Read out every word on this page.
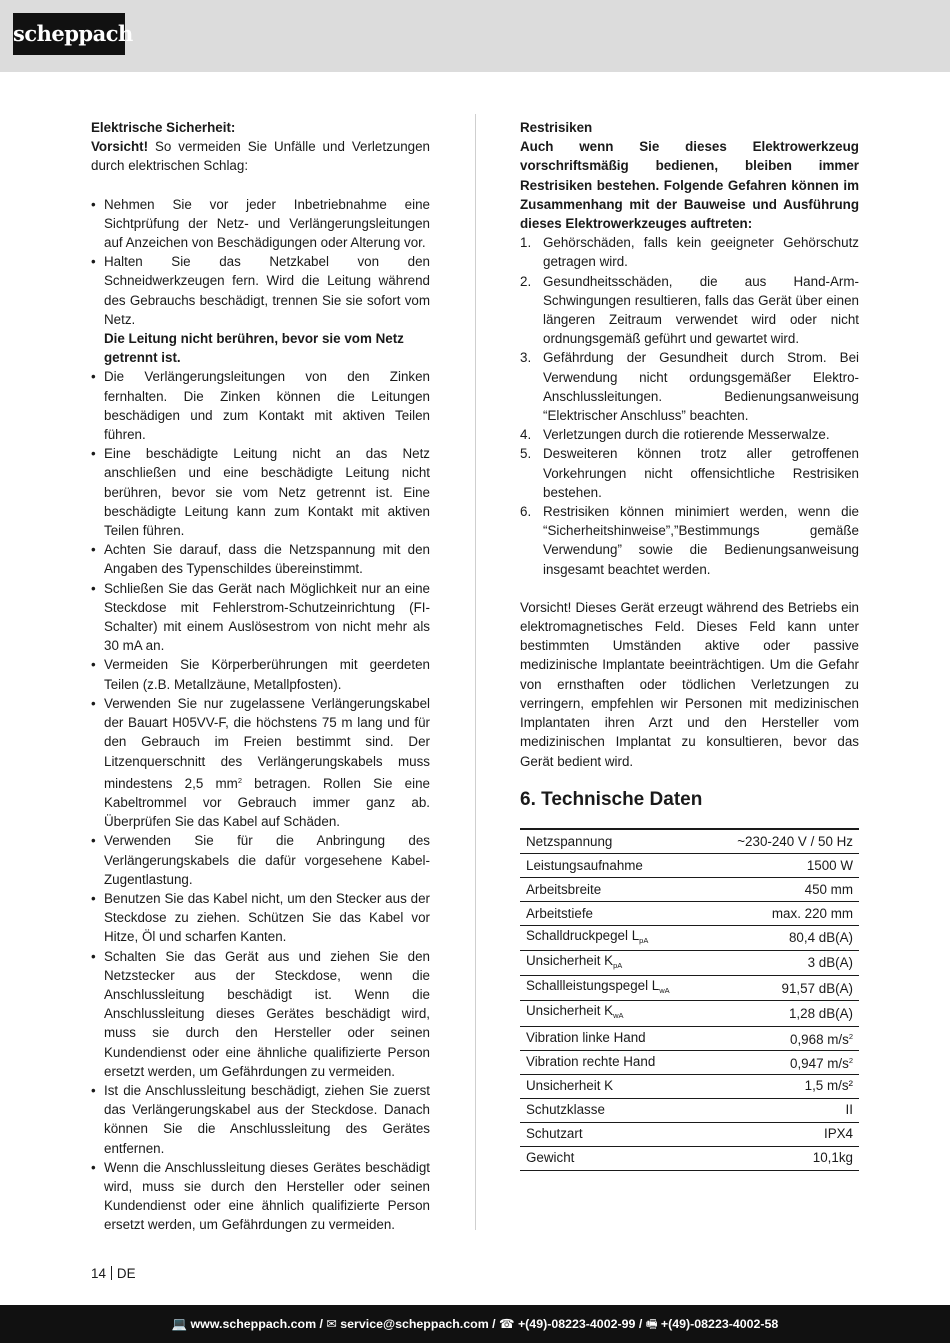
scheppach

Elektrische Sicherheit:

Vorsicht! So vermeiden Sie Unfälle und Verletzungen durch elektrischen Schlag:

• Nehmen Sie vor jeder Inbetriebnahme eine Sichtprüfung der Netz- und Verlängerungsleitungen auf Anzeichen von Beschädigungen oder Alterung vor.
• Halten Sie das Netzkabel von den Schneidwerkzeugen fern. Wird die Leitung während des Gebrauchs beschädigt, trennen Sie sie sofort vom Netz.

Die Leitung nicht berühren, bevor sie vom Netz getrennt ist.

• Die Verlängerungsleitungen von den Zinken fernhalten. Die Zinken können die Leitungen beschädigen und zum Kontakt mit aktiven Teilen führen.
• Eine beschädigte Leitung nicht an das Netz anschließen und eine beschädigte Leitung nicht berühren, bevor sie vom Netz getrennt ist. Eine beschädigte Leitung kann zum Kontakt mit aktiven Teilen führen.
• Achten Sie darauf, dass die Netzspannung mit den Angaben des Typenschildes übereinstimmt.
• Schließen Sie das Gerät nach Möglichkeit nur an eine Steckdose mit Fehlerstrom-Schutzeinrichtung (FI-Schalter) mit einem Auslösestrom von nicht mehr als 30 mA an.
• Vermeiden Sie Körperberührungen mit geerdeten Teilen (z.B. Metallzäune, Metallpfosten).
• Verwenden Sie nur zugelassene Verlängerungskabel der Bauart H05VV-F, die höchstens 75 m lang und für den Gebrauch im Freien bestimmt sind. Der Litzenquerschnitt des Verlängerungskabels muss mindestens 2,5 $mm^2$ betragen. Rollen Sie eine Kabeltrommel vor Gebrauch immer ganz ab. Überprüfen Sie das Kabel auf Schäden.
• Verwenden Sie für die Anbringung des Verlängerungskabels die dafür vorgesehene Kabel-Zugentlastung.
• Benutzen Sie das Kabel nicht, um den Stecker aus der Steckdose zu ziehen. Schützen Sie das Kabel vor Hitze, Öl und scharfen Kanten.
• Schalten Sie das Gerät aus und ziehen Sie den Netzstecker aus der Steckdose, wenn die Anschlussleitung beschädigt ist. Wenn die Anschlussleitung dieses Gerätes beschädigt wird, muss sie durch den Hersteller oder seinen Kundendienst oder eine ähnliche qualifizierte Person ersetzt werden, um Gefährdungen zu vermeiden.
• Ist die Anschlussleitung beschädigt, ziehen Sie zuerst das Verlängerungskabel aus der Steckdose. Danach können Sie die Anschlussleitung des Gerätes entfernen.
• Wenn die Anschlussleitung dieses Gerätes beschädigt wird, muss sie durch den Hersteller oder seinen Kundendienst oder eine ähnlich qualifizierte Person ersetzt werden, um Gefährdungen zu vermeiden.

Restrisiken

Auch wenn Sie dieses Elektrowerkzeug vorschriftsmäßig bedienen, bleiben immer Restrisiken bestehen. Folgende Gefahren können im Zusammenhang mit der Bauweise und Ausführung dieses Elektrowerkzeuges auftreten:

1. Gehörschäden, falls kein geeigneter Gehörschutz getragen wird.
2. Gesundheitsschäden, die aus Hand-Arm-Schwingungen resultieren, falls das Gerät über einen längeren Zeitraum verwendet wird oder nicht ordnungsgemäß geführt und gewartet wird.
3. Gefährdung der Gesundheit durch Strom. Bei Verwendung nicht ordungsgemäßer Elektro-Anschlussleitungen. Bedienungsanweisung “Elektrischer Anschluss” beachten.
4. Verletzungen durch die rotierende Messerwalze.
5. Desweiteren können trotz aller getroffenen Vorkehrungen nicht offensichtliche Restrisiken bestehen.
6. Restrisiken können minimiert werden, wenn die “Sicherheitshinweise”,”Bestimmungs gemäße Verwendung” sowie die Bedienungsanweisung insgesamt beachtet werden.

Vorsicht! Dieses Gerät erzeugt während des Betriebs ein elektromagnetisches Feld. Dieses Feld kann unter bestimmten Umständen aktive oder passive medizinische Implantate beeinträchtigen. Um die Gefahr von ernsthaften oder tödlichen Verletzungen zu verringern, empfehlen wir Personen mit medizinischen Implantaten ihren Arzt und den Hersteller vom medizinischen Implantat zu konsultieren, bevor das Gerät bedient wird.

6. Technische Daten
Netzspannung	~230-240 V / 50 Hz
Leistungsaufnahme	1500 W
Arbeitsbreite	450 mm
Arbeitstiefe	max. 220 mm
Schalldruckpegel $L_{pA}$	80,4 dB(A)
Unsicherheit $K_{pA}$	3 dB(A)
Schallleistungspegel $L_{wA}$	91,57 dB(A)
Unsicherheit $K_{wA}$	1,28 dB(A)
Vibration linke Hand	0,968 $m/s^2$
Vibration rechte Hand	0,947 $m/s^2$
Unsicherheit K	1,5 m/s²
Schutzklasse	II
Schutzart	IPX4
Gewicht	10,1kg
14 DE
💻 www.scheppach.com / ✉ service@scheppach.com / ☎ +(49)-08223-4002-99 / 🖷 +(49)-08223-4002-58
